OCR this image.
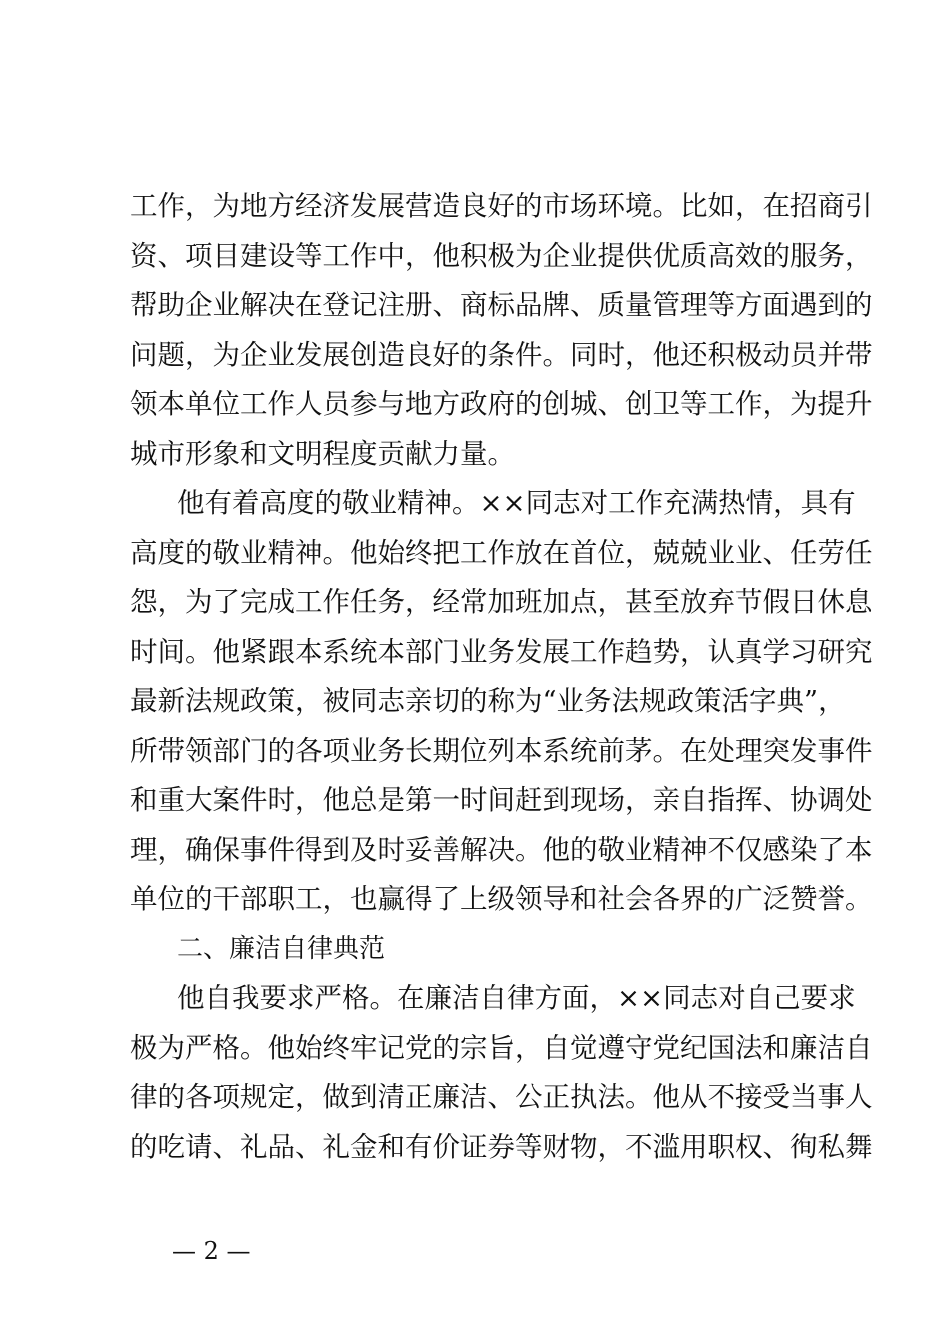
工作，为地方经济发展营造良好的市场环境。比如，在招商引
资、项目建设等工作中，他积极为企业提供优质高效的服务，
帮助企业解决在登记注册、商标品牌、质量管理等方面遇到的
问题，为企业发展创造良好的条件。同时，他还积极动员并带
领本单位工作人员参与地方政府的创城、创卫等工作，为提升
城市形象和文明程度贡献力量。
他有着高度的敬业精神。××同志对工作充满热情，具有
高度的敬业精神。他始终把工作放在首位，兢兢业业、任劳任
怨，为了完成工作任务，经常加班加点，甚至放弃节假日休息
时间。他紧跟本系统本部门业务发展工作趋势，认真学习研究
最新法规政策，被同志亲切的称为“业务法规政策活字典”，
所带领部门的各项业务长期位列本系统前茅。在处理突发事件
和重大案件时，他总是第一时间赶到现场，亲自指挥、协调处
理，确保事件得到及时妥善解决。他的敬业精神不仅感染了本
单位的干部职工，也赢得了上级领导和社会各界的广泛赞誉。
二、廉洁自律典范
他自我要求严格。在廉洁自律方面，××同志对自己要求
极为严格。他始终牢记党的宗旨，自觉遵守党纪国法和廉洁自
律的各项规定，做到清正廉洁、公正执法。他从不接受当事人
的吃请、礼品、礼金和有价证券等财物，不滥用职权、徇私舞
— 2 —
